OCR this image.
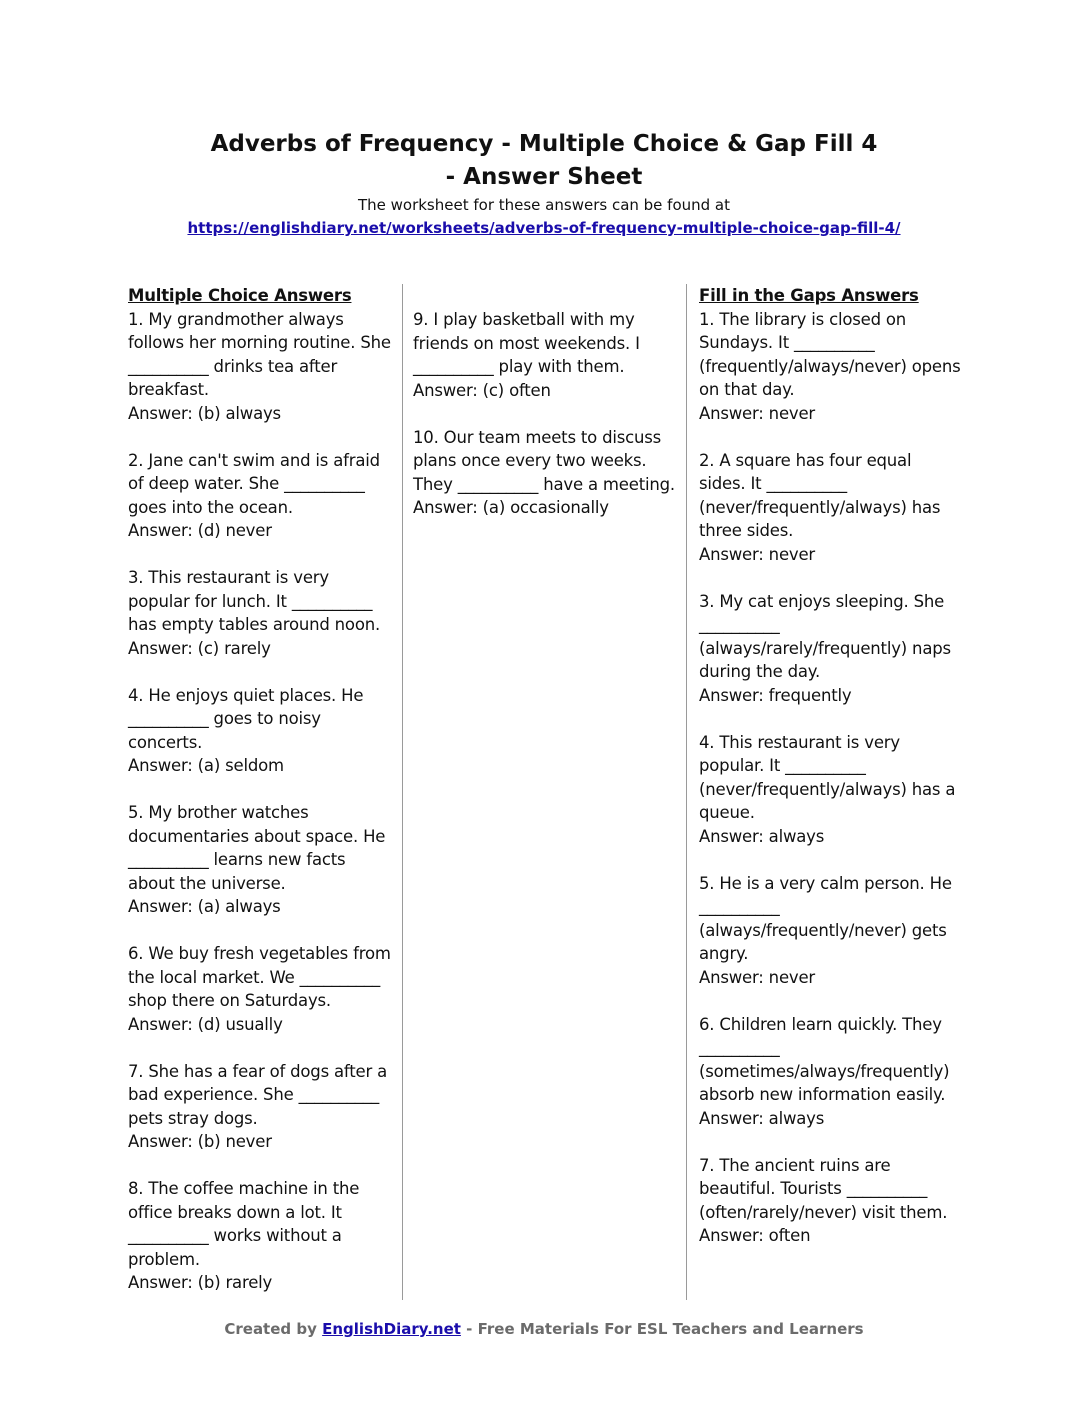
Adverbs of Frequency - Multiple Choice & Gap Fill 4

- Answer Sheet

The worksheet for these answers can be found at

https://englishdiary.net/worksheets/adverbs-of-frequency-multiple-choice-gap-fill-4/
Multiple Choice Answers

1. My grandmother always follows her morning routine. She __________ drinks tea after breakfast.

Answer: (b) always

2. Jane can't swim and is afraid of deep water. She __________ goes into the ocean.

Answer: (d) never

3. This restaurant is very popular for lunch. It __________ has empty tables around noon.

Answer: (c) rarely

4. He enjoys quiet places. He __________ goes to noisy concerts.

Answer: (a) seldom

5. My brother watches documentaries about space. He __________ learns new facts about the universe.

Answer: (a) always

6. We buy fresh vegetables from the local market. We __________ shop there on Saturdays.

Answer: (d) usually

7. She has a fear of dogs after a bad experience. She __________ pets stray dogs.

Answer: (b) never

8. The coffee machine in the office breaks down a lot. It __________ works without a problem.

Answer: (b) rarely

9. I play basketball with my friends on most weekends. I __________ play with them.

Answer: (c) often

10. Our team meets to discuss plans once every two weeks. They __________ have a meeting.

Answer: (a) occasionally

Fill in the Gaps Answers

1. The library is closed on Sundays. It __________ (frequently/always/never) opens on that day.

Answer: never

2. A square has four equal sides. It __________ (never/frequently/always) has three sides.

Answer: never

3. My cat enjoys sleeping. She __________ (always/rarely/frequently) naps during the day.

Answer: frequently

4. This restaurant is very popular. It __________ (never/frequently/always) has a queue.

Answer: always

5. He is a very calm person. He __________ (always/frequently/never) gets angry.

Answer: never

6. Children learn quickly. They __________ (sometimes/always/frequently) absorb new information easily.

Answer: always

7. The ancient ruins are beautiful. Tourists __________ (often/rarely/never) visit them.

Answer: often

Created by EnglishDiary.net - Free Materials For ESL Teachers and Learners
